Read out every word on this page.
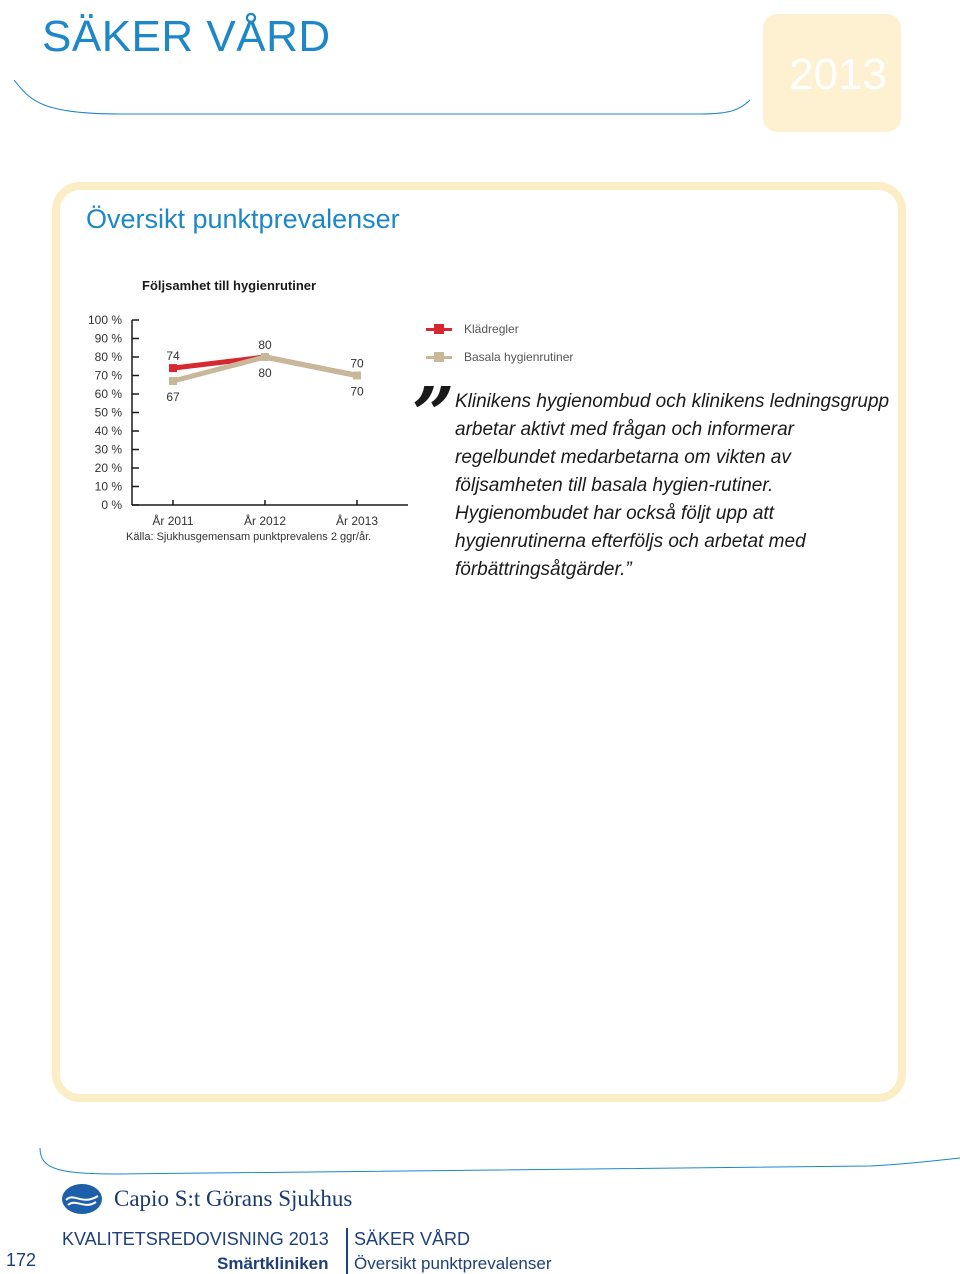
SÄKER VÅRD
2013
Översikt punktprevalenser
Följsamhet till hygienrutiner
100 %
90 %
80 %
70 %
60 %
50 %
40 %
30 %
20 %
10 %
0 %
År 2011	År 2012	År 2013
74
80
70
67
80
70
Källa: Sjukhusgemensam punktprevalens 2 ggr/år.
Klädregler
Basala hygienrutiner
” Klinikens hygienombud och klinikens ledningsgrupp arbetar aktivt med frågan och informerar regelbundet medarbetarna om vikten av följsamheten till basala hygien-rutiner. Hygienombudet har också följt upp att hygienrutinerna efterföljs och arbetat med förbättringsåtgärder.”
Capio S:t Görans Sjukhus
KVALITETSREDOVISNING 2013
Smärtkliniken
SÄKER VÅRD
Översikt punktprevalenser
172
